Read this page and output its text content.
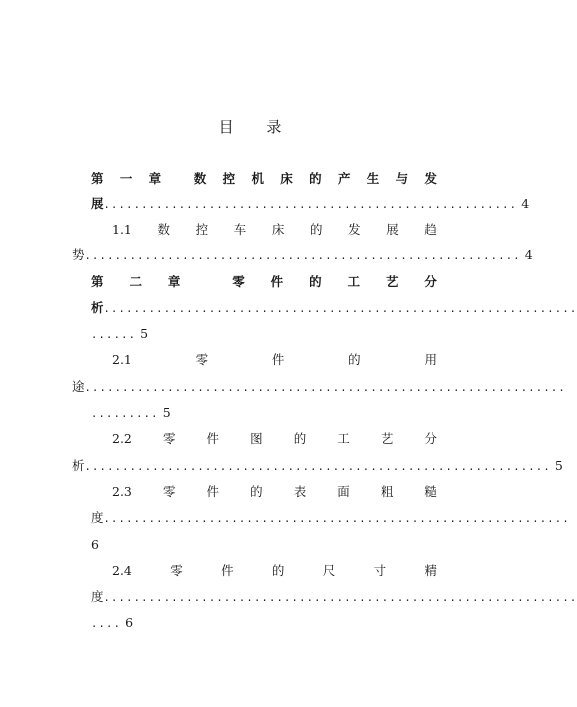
目 录
第 一 章	数 控 机 床 的 产 生 与 发
展....................................................... 4
1.1 数 控 车 床 的 发 展 趋
势.......................................................... 4
第 二 章	零 件 的 工 艺 分
析...............................................................
...... 5
2.1	零	件	的	用
途................................................................
......... 5
2.2 零 件 图 的 工 艺 分
析.............................................................. 5
2.3 零 件 的 表 面 粗 糙
度..............................................................
6
2.4	零	件	的	尺	寸	精
度...............................................................
.... 6
